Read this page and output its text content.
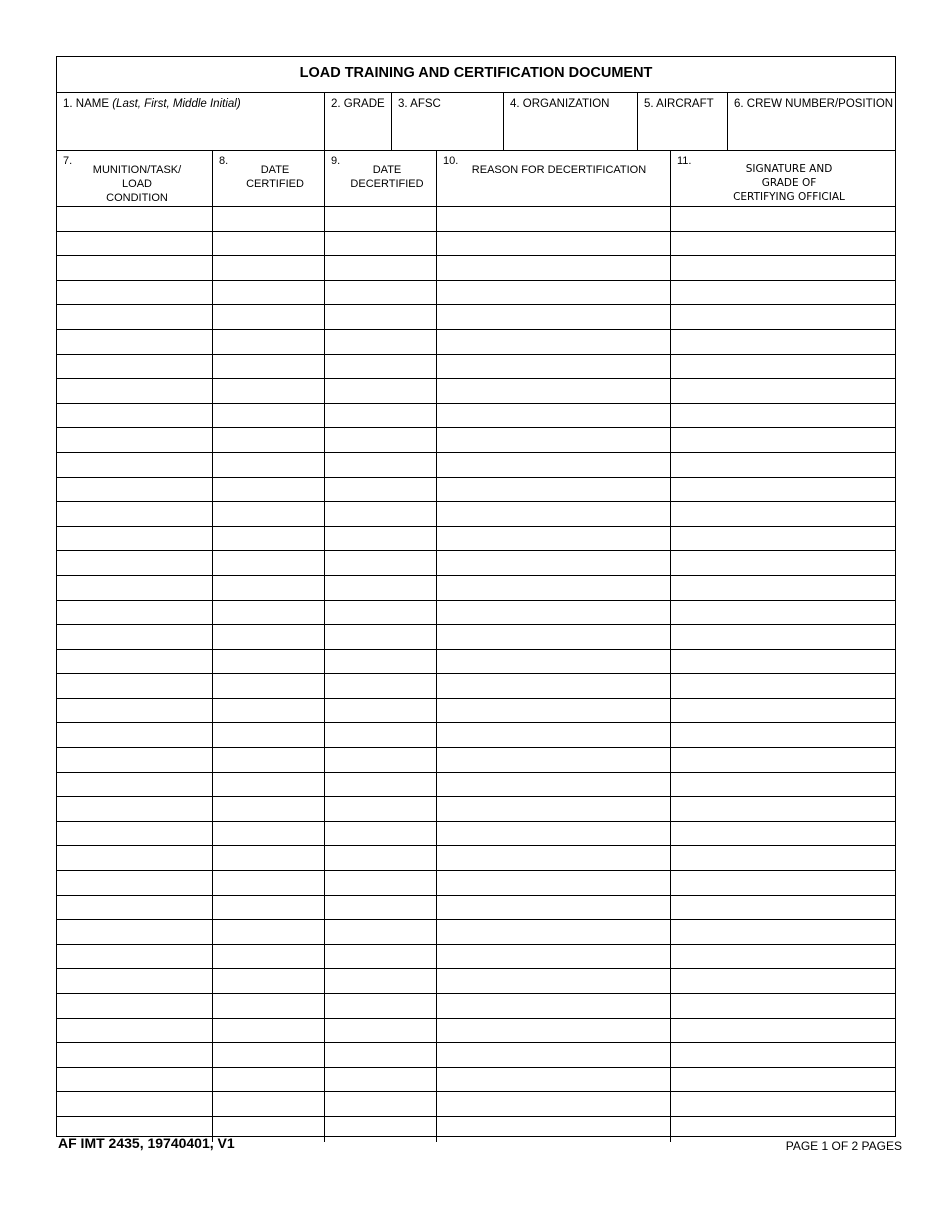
LOAD TRAINING AND CERTIFICATION DOCUMENT
1. NAME (Last, First, Middle Initial)	2. GRADE	3. AFSC	4. ORGANIZATION	5. AIRCRAFT	6. CREW NUMBER/POSITION
7.
MUNITION/TASK/
LOAD
CONDITION
8.
DATE
CERTIFIED
9.
DATE
DECERTIFIED
10.
REASON FOR DECERTIFICATION
11.
SIGNATURE AND
GRADE OF
CERTIFYING OFFICIAL
AF IMT 2435, 19740401, V1	PAGE 1 OF 2 PAGES
